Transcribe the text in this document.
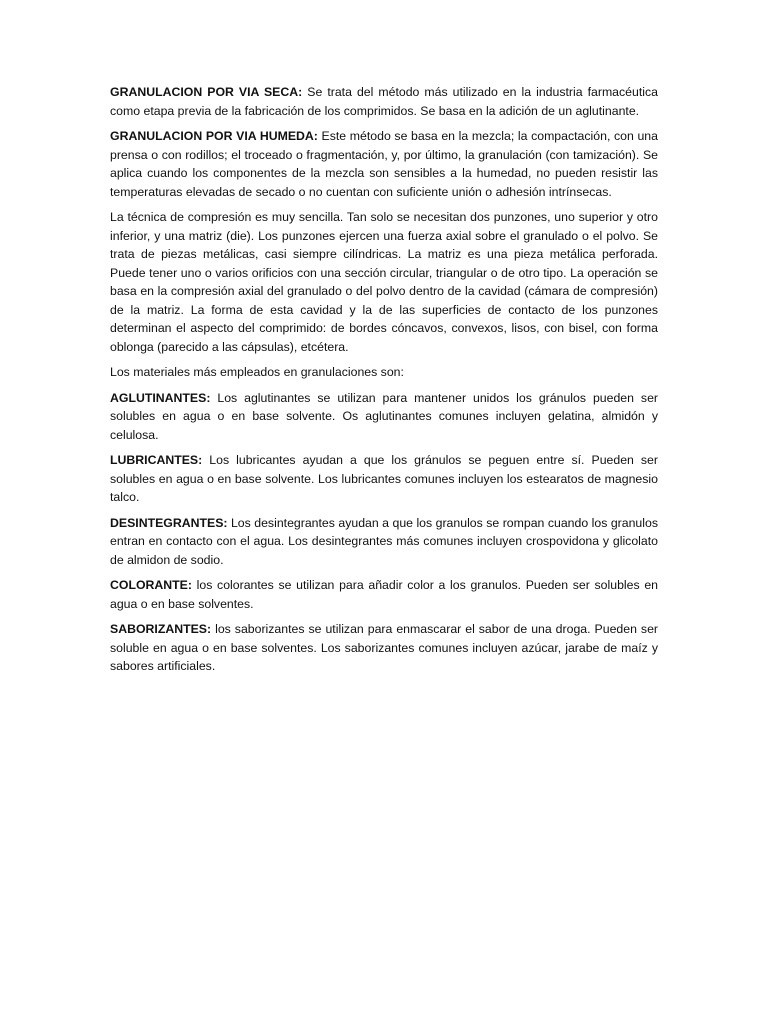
GRANULACION POR VIA SECA: Se trata del método más utilizado en la industria farmacéutica como etapa previa de la fabricación de los comprimidos. Se basa en la adición de un aglutinante.

GRANULACION POR VIA HUMEDA: Este método se basa en la mezcla; la compactación, con una prensa o con rodillos; el troceado o fragmentación, y, por último, la granulación (con tamización). Se aplica cuando los componentes de la mezcla son sensibles a la humedad, no pueden resistir las temperaturas elevadas de secado o no cuentan con suficiente unión o adhesión intrínsecas.

La técnica de compresión es muy sencilla. Tan solo se necesitan dos punzones, uno superior y otro inferior, y una matriz (die). Los punzones ejercen una fuerza axial sobre el granulado o el polvo. Se trata de piezas metálicas, casi siempre cilíndricas. La matriz es una pieza metálica perforada. Puede tener uno o varios orificios con una sección circular, triangular o de otro tipo. La operación se basa en la compresión axial del granulado o del polvo dentro de la cavidad (cámara de compresión) de la matriz. La forma de esta cavidad y la de las superficies de contacto de los punzones determinan el aspecto del comprimido: de bordes cóncavos, convexos, lisos, con bisel, con forma oblonga (parecido a las cápsulas), etcétera.

Los materiales más empleados en granulaciones son:

AGLUTINANTES: Los aglutinantes se utilizan para mantener unidos los gránulos pueden ser solubles en agua o en base solvente. Os aglutinantes comunes incluyen gelatina, almidón y celulosa.

LUBRICANTES: Los lubricantes ayudan a que los gránulos se peguen entre sí. Pueden ser solubles en agua o en base solvente. Los lubricantes comunes incluyen los estearatos de magnesio talco.

DESINTEGRANTES: Los desintegrantes ayudan a que los granulos se rompan cuando los granulos entran en contacto con el agua. Los desintegrantes más comunes incluyen crospovidona y glicolato de almidon de sodio.

COLORANTE: los colorantes se utilizan para añadir color a los granulos. Pueden ser solubles en agua o en base solventes.

SABORIZANTES: los saborizantes se utilizan para enmascarar el sabor de una droga. Pueden ser soluble en agua o en base solventes. Los saborizantes comunes incluyen azúcar, jarabe de maíz y sabores artificiales.
